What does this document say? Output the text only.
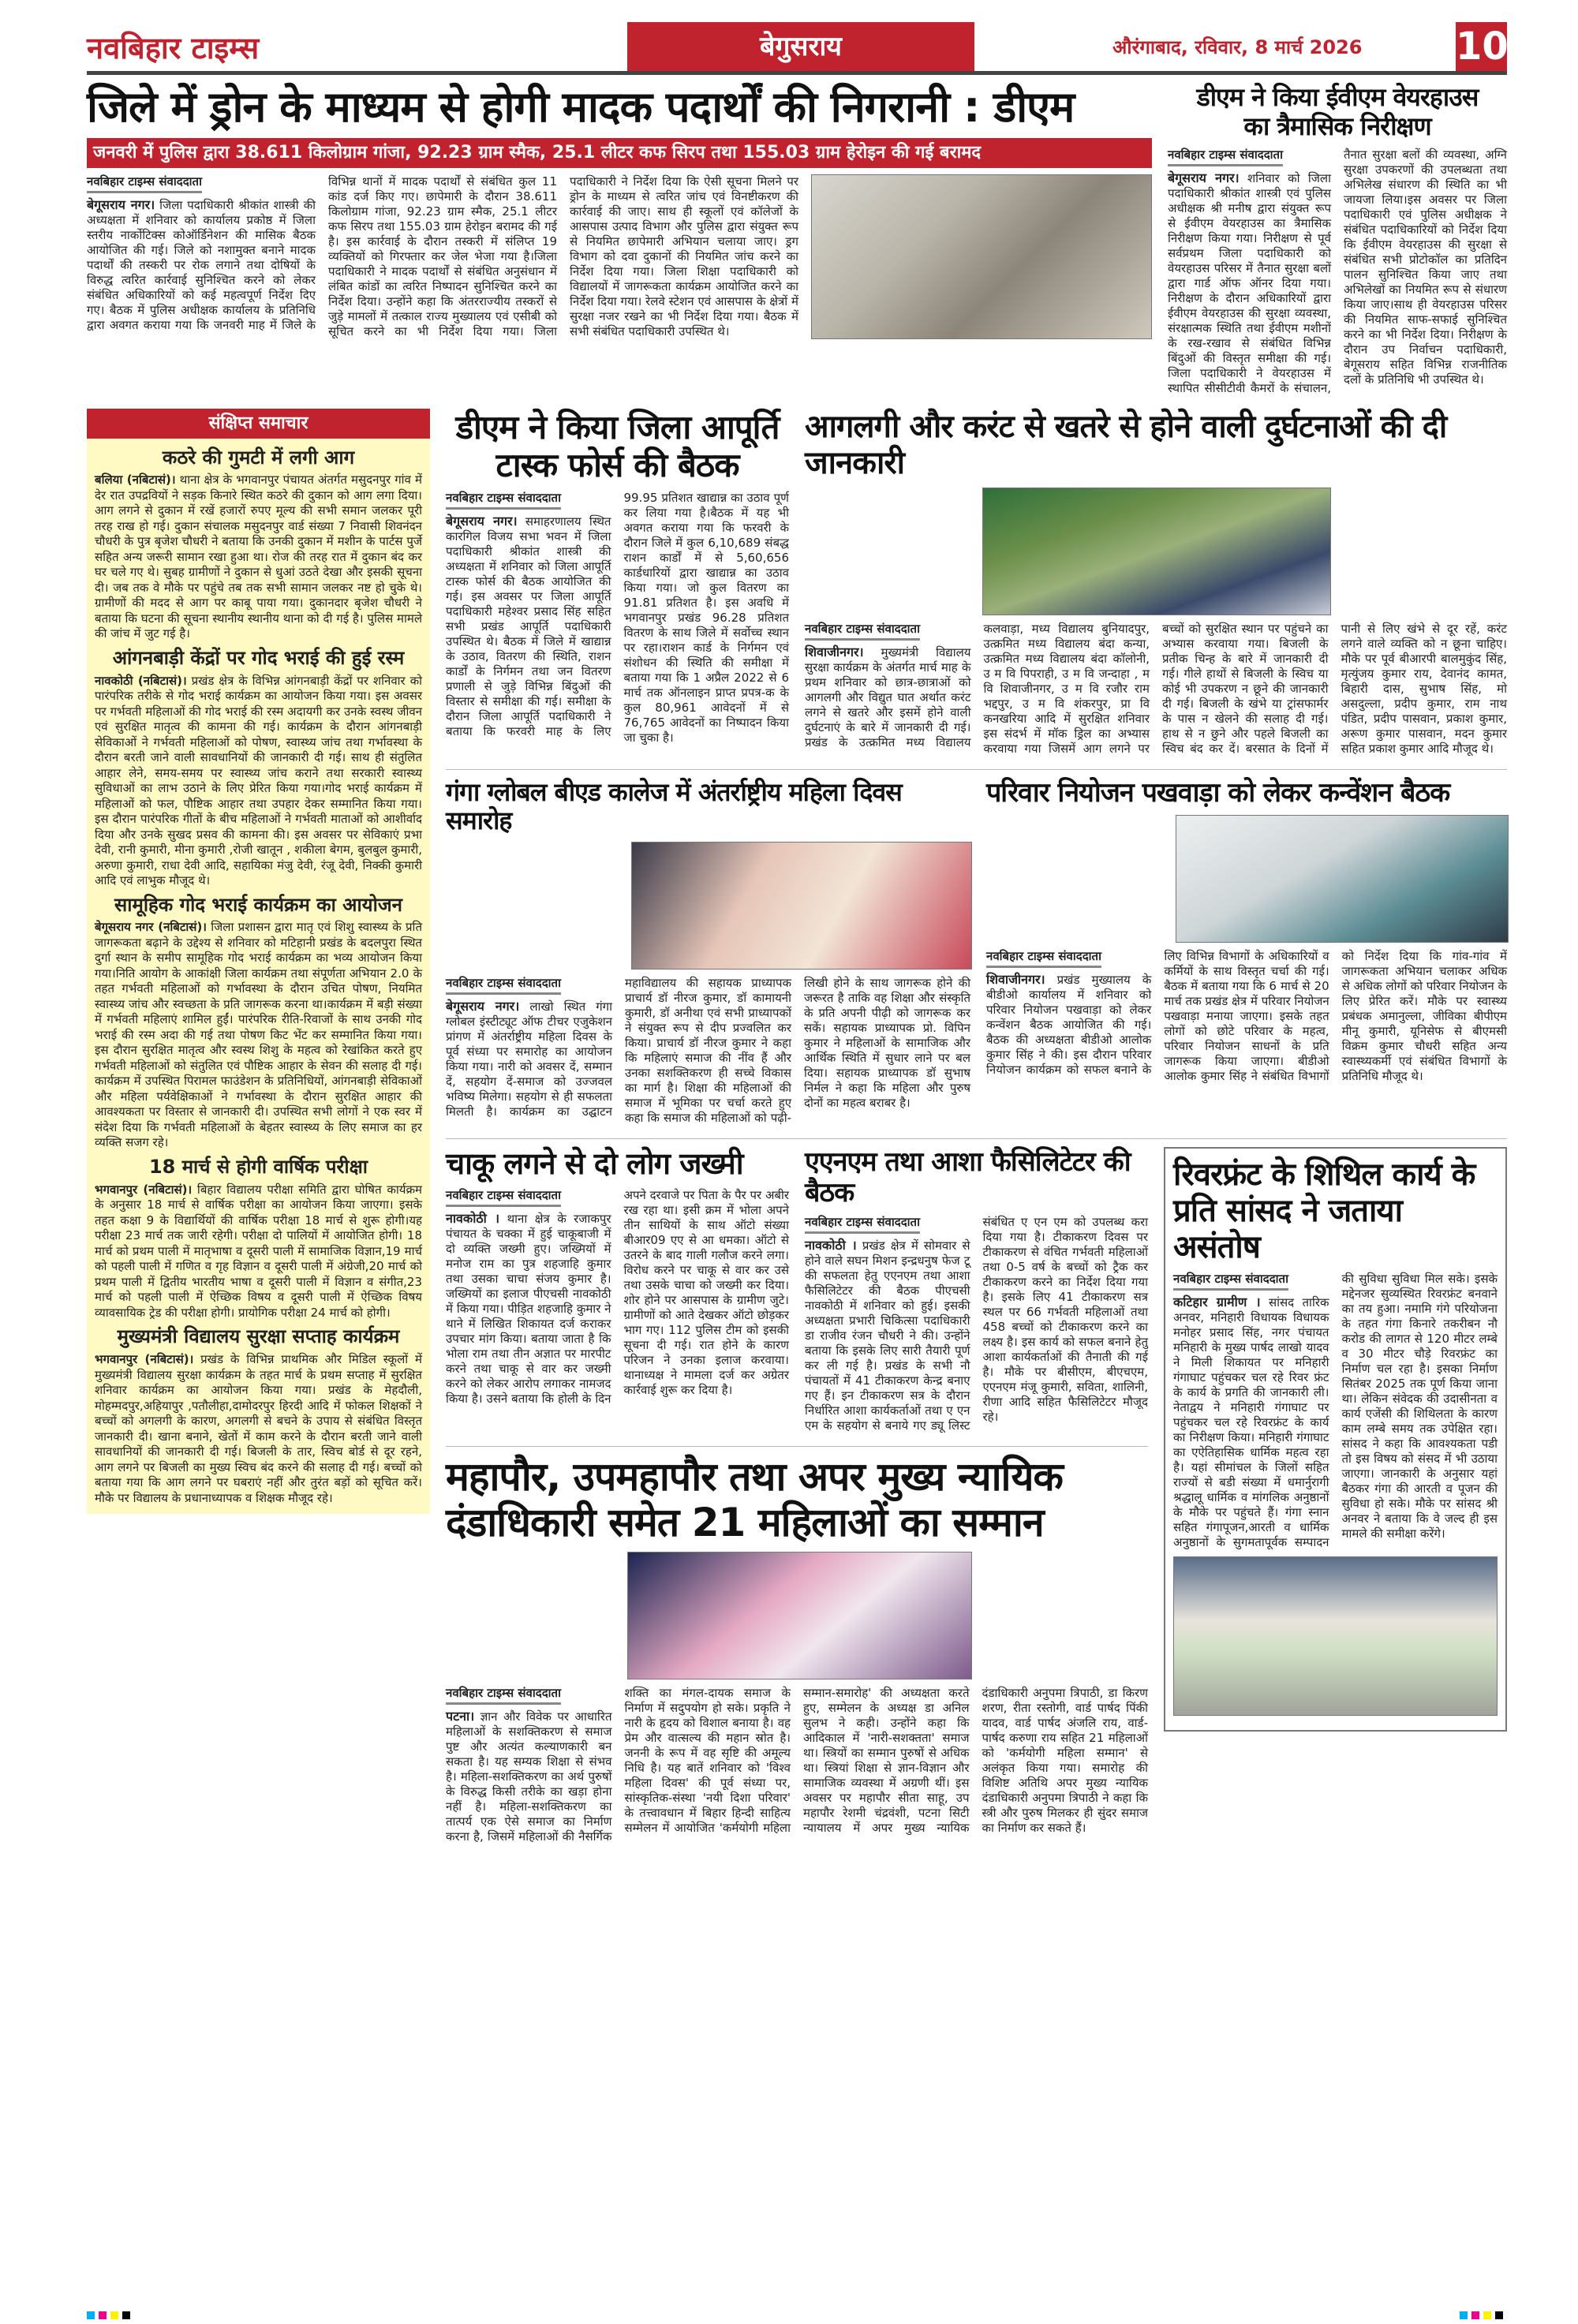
नवबिहार टाइम्स	बेगुसराय	औरंगाबाद, रविवार, 8 मार्च 2026 10
जिले में ड्रोन के माध्यम से होगी मादक पदार्थों की निगरानी : डीएम
जनवरी में पुलिस द्वारा 38.611 किलोग्राम गांजा, 92.23 ग्राम स्मैक, 25.1 लीटर कफ सिरप तथा 155.03 ग्राम हेरोइन की गई बरामद
नवबिहार टाइम्स संवाददाता
बेगूसराय नगर। जिला पदाधिकारी श्रीकांत शास्त्री की अध्यक्षता में शनिवार को कार्यालय प्रकोष्ठ में जिला स्तरीय नार्कोटिक्स कोऑर्डिनेशन की मासिक बैठक आयोजित की गई। जिले को नशामुक्त बनाने मादक पदार्थों की तस्करी पर रोक लगाने तथा दोषियों के विरुद्ध त्वरित कार्रवाई सुनिश्चित करने को लेकर संबंधित अधिकारियों को कई महत्वपूर्ण निर्देश दिए गए। बैठक में पुलिस अधीक्षक कार्यालय के प्रतिनिधि द्वारा अवगत कराया गया कि जनवरी माह में जिले के विभिन्न थानों में मादक पदार्थों से संबंधित कुल 11 कांड दर्ज किए गए। छापेमारी के दौरान 38.611 किलोग्राम गांजा, 92.23 ग्राम स्मैक, 25.1 लीटर कफ सिरप तथा 155.03 ग्राम हेरोइन बरामद की गई है। इस कार्रवाई के दौरान तस्करी में संलिप्त 19 व्यक्तियों को गिरफ्तार कर जेल भेजा गया है।जिला पदाधिकारी ने मादक पदार्थों से संबंधित अनुसंधान में लंबित कांडों का त्वरित निष्पादन सुनिश्चित करने का निर्देश दिया। उन्होंने कहा कि अंतरराज्यीय तस्करों से जुड़े मामलों में तत्काल राज्य मुख्यालय एवं एसीबी को सूचित करने का भी निर्देश दिया गया। जिला पदाधिकारी ने निर्देश दिया कि ऐसी सूचना मिलने पर ड्रोन के माध्यम से त्वरित जांच एवं विनष्टीकरण की कार्रवाई की जाए। साथ ही स्कूलों एवं कॉलेजों के आसपास उत्पाद विभाग और पुलिस द्वारा संयुक्त रूप से नियमित छापेमारी अभियान चलाया जाए। ड्रग विभाग को दवा दुकानों की नियमित जांच करने का निर्देश दिया गया। जिला शिक्षा पदाधिकारी को विद्यालयों में जागरूकता कार्यक्रम आयोजित करने का निर्देश दिया गया। रेलवे स्टेशन एवं आसपास के क्षेत्रों में सुरक्षा नजर रखने का भी निर्देश दिया गया। बैठक में सभी संबंधित पदाधिकारी उपस्थित थे।
डीएम ने किया ईवीएम वेयरहाउस
का त्रैमासिक निरीक्षण
नवबिहार टाइम्स संवाददाता
बेगूसराय नगर। शनिवार को जिला पदाधिकारी श्रीकांत शास्त्री एवं पुलिस अधीक्षक श्री मनीष द्वारा संयुक्त रूप से ईवीएम वेयरहाउस का त्रैमासिक निरीक्षण किया गया। निरीक्षण से पूर्व सर्वप्रथम जिला पदाधिकारी को वेयरहाउस परिसर में तैनात सुरक्षा बलों द्वारा गार्ड ऑफ ऑनर दिया गया। निरीक्षण के दौरान अधिकारियों द्वारा ईवीएम वेयरहाउस की सुरक्षा व्यवस्था, संरक्षात्मक स्थिति तथा ईवीएम मशीनों के रख-रखाव से संबंधित विभिन्न बिंदुओं की विस्तृत समीक्षा की गई।जिला पदाधिकारी ने वेयरहाउस में स्थापित सीसीटीवी कैमरों के संचालन, तैनात सुरक्षा बलों की व्यवस्था, अग्नि सुरक्षा उपकरणों की उपलब्धता तथा अभिलेख संधारण की स्थिति का भी जायजा लिया।इस अवसर पर जिला पदाधिकारी एवं पुलिस अधीक्षक ने संबंधित पदाधिकारियों को निर्देश दिया कि ईवीएम वेयरहाउस की सुरक्षा से संबंधित सभी प्रोटोकॉल का प्रतिदिन पालन सुनिश्चित किया जाए तथा अभिलेखों का नियमित रूप से संधारण किया जाए।साथ ही वेयरहाउस परिसर की नियमित साफ-सफाई सुनिश्चित करने का भी निर्देश दिया। निरीक्षण के दौरान उप निर्वाचन पदाधिकारी, बेगूसराय सहित विभिन्न राजनीतिक दलों के प्रतिनिधि भी उपस्थित थे।
संक्षिप्त समाचार
कठरे की गुमटी में लगी आग

बलिया (नबिटासं)। थाना क्षेत्र के भगवानपुर पंचायत अंतर्गत मसुदनपुर गांव में देर रात उपद्रवियों ने सड़क किनारे स्थित कठरे की दुकान को आग लगा दिया। आग लगने से दुकान में रखें हजारों रुपए मूल्य की सभी समान जलकर पूरी तरह राख हो गई। दुकान संचालक मसुदनपुर वार्ड संख्या 7 निवासी शिवनंदन चौधरी के पुत्र बृजेश चौधरी ने बताया कि उनकी दुकान में मशीन के पार्टस पुर्जे सहित अन्य जरूरी सामान रखा हुआ था। रोज की तरह रात में दुकान बंद कर घर चले गए थे। सुबह ग्रामीणों ने दुकान से धुआं उठते देखा और इसकी सूचना दी। जब तक वे मौके पर पहुंचे तब तक सभी सामान जलकर नष्ट हो चुके थे। ग्रामीणों की मदद से आग पर काबू पाया गया। दुकानदार बृजेश चौधरी ने बताया कि घटना की सूचना स्थानीय स्थानीय थाना को दी गई है। पुलिस मामले की जांच में जुट गई है।

आंगनबाड़ी केंद्रों पर गोद भराई की हुई रस्म

नावकोठी (नबिटासं)। प्रखंड क्षेत्र के विभिन्न आंगनबाड़ी केंद्रों पर शनिवार को पारंपरिक तरीके से गोद भराई कार्यक्रम का आयोजन किया गया। इस अवसर पर गर्भवती महिलाओं की गोद भराई की रस्म अदायगी कर उनके स्वस्थ जीवन एवं सुरक्षित मातृत्व की कामना की गई। कार्यक्रम के दौरान आंगनबाड़ी सेविकाओं ने गर्भवती महिलाओं को पोषण, स्वास्थ्य जांच तथा गर्भावस्था के दौरान बरती जाने वाली सावधानियों की जानकारी दी गई। साथ ही संतुलित आहार लेने, समय-समय पर स्वास्थ्य जांच कराने तथा सरकारी स्वास्थ्य सुविधाओं का लाभ उठाने के लिए प्रेरित किया गया।गोद भराई कार्यक्रम में महिलाओं को फल, पौष्टिक आहार तथा उपहार देकर सम्मानित किया गया। इस दौरान पारंपरिक गीतों के बीच महिलाओं ने गर्भवती माताओं को आशीर्वाद दिया और उनके सुखद प्रसव की कामना की। इस अवसर पर सेविकाएं प्रभा देवी, रानी कुमारी, मीना कुमारी ,रोजी खातून , शकीला बेगम, बुलबुल कुमारी, अरुणा कुमारी, राधा देवी आदि, सहायिका मंजु देवी, रंजू देवी, निक्की कुमारी आदि एवं लाभुक मौजूद थे।

सामूहिक गोद भराई कार्यक्रम का आयोजन

बेगूसराय नगर (नबिटासं)। जिला प्रशासन द्वारा मातृ एवं शिशु स्वास्थ्य के प्रति जागरूकता बढ़ाने के उद्देश्य से शनिवार को मटिहानी प्रखंड के बदलपुरा स्थित दुर्गा स्थान के समीप सामूहिक गोद भराई कार्यक्रम का भव्य आयोजन किया गया।निति आयोग के आकांक्षी जिला कार्यक्रम तथा संपूर्णता अभियान 2.0 के तहत गर्भवती महिलाओं को गर्भावस्था के दौरान उचित पोषण, नियमित स्वास्थ्य जांच और स्वच्छता के प्रति जागरूक करना था।कार्यक्रम में बड़ी संख्या में गर्भवती महिलाएं शामिल हुईं। पारंपरिक रीति-रिवाजों के साथ उनकी गोद भराई की रस्म अदा की गई तथा पोषण किट भेंट कर सम्मानित किया गया। इस दौरान सुरक्षित मातृत्व और स्वस्थ शिशु के महत्व को रेखांकित करते हुए गर्भवती महिलाओं को संतुलित एवं पौष्टिक आहार के सेवन की सलाह दी गई। कार्यक्रम में उपस्थित पिरामल फाउंडेशन के प्रतिनिधियों, आंगनबाड़ी सेविकाओं और महिला पर्यवेक्षिकाओं ने गर्भावस्था के दौरान सुरक्षित आहार की आवश्यकता पर विस्तार से जानकारी दी। उपस्थित सभी लोगों ने एक स्वर में संदेश दिया कि गर्भवती महिलाओं के बेहतर स्वास्थ्य के लिए समाज का हर व्यक्ति सजग रहे।

18 मार्च से होगी वार्षिक परीक्षा

भगवानपुर (नबिटासं)। बिहार विद्यालय परीक्षा समिति द्वारा घोषित कार्यक्रम के अनुसार 18 मार्च से वार्षिक परीक्षा का आयोजन किया जाएगा। इसके तहत कक्षा 9 के विद्यार्थियों की वार्षिक परीक्षा 18 मार्च से शुरू होगी।यह परीक्षा 23 मार्च तक जारी रहेगी। परीक्षा दो पालियों में आयोजित होगी। 18 मार्च को प्रथम पाली में मातृभाषा व दूसरी पाली में सामाजिक विज्ञान,19 मार्च को पहली पाली में गणित व गृह विज्ञान व दूसरी पाली में अंग्रेजी,20 मार्च को प्रथम पाली में द्वितीय भारतीय भाषा व दूसरी पाली में विज्ञान व संगीत,23 मार्च को पहली पाली में ऐच्छिक विषय व दूसरी पाली में ऐच्छिक विषय व्यावसायिक ट्रेड की परीक्षा होगी। प्रायोगिक परीक्षा 24 मार्च को होगी।

मुख्यमंत्री विद्यालय सुरक्षा सप्ताह कार्यक्रम

भगवानपुर (नबिटासं)। प्रखंड के विभिन्न प्राथमिक और मिडिल स्कूलों में मुख्यमंत्री विद्यालय सुरक्षा कार्यक्रम के तहत मार्च के प्रथम सप्ताह में सुरक्षित शनिवार कार्यक्रम का आयोजन किया गया। प्रखंड के मेहदौली, मोहम्मदपुर,अहियापुर ,पतौलीहा,दामोदरपुर हिरदी आदि में फोकल शिक्षकों ने बच्चों को अगलगी के कारण, अगलगी से बचने के उपाय से संबंधित विस्तृत जानकारी दी। खाना बनाने, खेतों में काम करने के दौरान बरती जाने वाली सावधानियों की जानकारी दी गई। बिजली के तार, स्विच बोर्ड से दूर रहने, आग लगने पर बिजली का मुख्य स्विच बंद करने की सलाह दी गई। बच्चों को बताया गया कि आग लगने पर घबराएं नहीं और तुरंत बड़ों को सूचित करें। मौके पर विद्यालय के प्रधानाध्यापक व शिक्षक मौजूद रहे।

डीएम ने किया जिला आपूर्ति टास्क फोर्स की बैठक
नवबिहार टाइम्स संवाददाता
बेगूसराय नगर। समाहरणालय स्थित कारगिल विजय सभा भवन में जिला पदाधिकारी श्रीकांत शास्त्री की अध्यक्षता में शनिवार को जिला आपूर्ति टास्क फोर्स की बैठक आयोजित की गई। इस अवसर पर जिला आपूर्ति पदाधिकारी महेश्वर प्रसाद सिंह सहित सभी प्रखंड आपूर्ति पदाधिकारी उपस्थित थे। बैठक में जिले में खाद्यान्न के उठाव, वितरण की स्थिति, राशन कार्डों के निर्गमन तथा जन वितरण प्रणाली से जुड़े विभिन्न बिंदुओं की विस्तार से समीक्षा की गई। समीक्षा के दौरान जिला आपूर्ति पदाधिकारी ने बताया कि फरवरी माह के लिए 99.95 प्रतिशत खाद्यान्न का उठाव पूर्ण कर लिया गया है।बैठक में यह भी अवगत कराया गया कि फरवरी के दौरान जिले में कुल 6,10,689 संबद्ध राशन कार्डों में से 5,60,656 कार्डधारियों द्वारा खाद्यान्न का उठाव किया गया। जो कुल वितरण का 91.81 प्रतिशत है। इस अवधि में भगवानपुर प्रखंड 96.28 प्रतिशत वितरण के साथ जिले में सर्वोच्च स्थान पर रहा।राशन कार्ड के निर्गमन एवं संशोधन की स्थिति की समीक्षा में बताया गया कि 1 अप्रैल 2022 से 6 मार्च तक ऑनलाइन प्राप्त प्रपत्र-क के कुल 80,961 आवेदनों में से 76,765 आवेदनों का निष्पादन किया जा चुका है।
आगलगी और करंट से खतरे से होने वाली दुर्घटनाओं की दी जानकारी
नवबिहार टाइम्स संवाददाता
शिवाजीनगर। मुख्यमंत्री विद्यालय सुरक्षा कार्यक्रम के अंतर्गत मार्च माह के प्रथम शनिवार को छात्र-छात्राओं को आगलगी और विद्युत घात अर्थात करंट लगने से खतरे और इसमें होने वाली दुर्घटनाएं के बारे में जानकारी दी गई। प्रखंड के उत्क्रमित मध्य विद्यालय कलवाड़ा, मध्य विद्यालय बुनियादपुर, उत्क्रमित मध्य विद्यालय बंदा कन्या, उत्क्रमित मध्य विद्यालय बंदा कॉलोनी, उ म वि पिपराही, उ म वि जन्दाहा , म वि शिवाजीनगर, उ म वि रजौर राम भद्दपुर, उ म वि शंकरपुर, प्रा वि कनखरिया आदि में सुरक्षित शनिवार इस संदर्भ में मॉक ड्रिल का अभ्यास करवाया गया जिसमें आग लगने पर बच्चों को सुरक्षित स्थान पर पहुंचने का अभ्यास करवाया गया। बिजली के प्रतीक चिन्ह के बारे में जानकारी दी गई। गीले हाथों से बिजली के स्विच या कोई भी उपकरण न छूने की जानकारी दी गई। बिजली के खंभे या ट्रांसफार्मर के पास न खेलने की सलाह दी गई। हाथ से न छुने और पहले बिजली का स्विच बंद कर दें। बरसात के दिनों में पानी से लिए खंभे से दूर रहें, करंट लगने वाले व्यक्ति को न छूना चाहिए। मौके पर पूर्व बीआरपी बालमुकुंद सिंह, मृत्युंजय कुमार राय, देवानंद कामत, बिहारी दास, सुभाष सिंह, मो असदुल्ला, प्रदीप कुमार, राम नाथ पंडित, प्रदीप पासवान, प्रकाश कुमार, अरूण कुमार पासवान, मदन कुमार सहित प्रकाश कुमार आदि मौजूद थे।
गंगा ग्लोबल बीएड कालेज में अंतर्राष्ट्रीय महिला दिवस समारोह
नवबिहार टाइम्स संवाददाता
बेगूसराय नगर। लाखो स्थित गंगा ग्लोबल इंस्टीट्यूट ऑफ टीचर एजुकेशन प्रांगण में अंतर्राष्ट्रीय महिला दिवस के पूर्व संध्या पर समारोह का आयोजन किया गया। नारी को अवसर दें, सम्मान दें, सहयोग दें-समाज को उज्जवल भविष्य मिलेगा। सहयोग से ही सफलता मिलती है। कार्यक्रम का उद्घाटन महाविद्यालय की सहायक प्राध्यापक प्राचार्य डॉ नीरज कुमार, डॉ कामायनी कुमारी, डॉ अनीथा एवं सभी प्राध्यापकों ने संयुक्त रूप से दीप प्रज्वलित कर किया। प्राचार्य डॉ नीरज कुमार ने कहा कि महिलाएं समाज की नींव हैं और उनका सशक्तिकरण ही सच्चे विकास का मार्ग है। शिक्षा की महिलाओं की समाज में भूमिका पर चर्चा करते हुए कहा कि समाज की महिलाओं को पढ़ी-लिखी होने के साथ जागरूक होने की जरूरत है ताकि वह शिक्षा और संस्कृति के प्रति अपनी पीढ़ी को जागरूक कर सकें। सहायक प्राध्यापक प्रो. विपिन कुमार ने महिलाओं के सामाजिक और आर्थिक स्थिति में सुधार लाने पर बल दिया। सहायक प्राध्यापक डॉ सुभाष निर्मल ने कहा कि महिला और पुरुष दोनों का महत्व बराबर है।
परिवार नियोजन पखवाड़ा को लेकर कन्वेंशन बैठक
नवबिहार टाइम्स संवाददाता
शिवाजीनगर। प्रखंड मुख्यालय के बीडीओ कार्यालय में शनिवार को परिवार नियोजन पखवाड़ा को लेकर कन्वेंशन बैठक आयोजित की गई। बैठक की अध्यक्षता बीडीओ आलोक कुमार सिंह ने की। इस दौरान परिवार नियोजन कार्यक्रम को सफल बनाने के लिए विभिन्न विभागों के अधिकारियों व कर्मियों के साथ विस्तृत चर्चा की गई। बैठक में बताया गया कि 6 मार्च से 20 मार्च तक प्रखंड क्षेत्र में परिवार नियोजन पखवाड़ा मनाया जाएगा। इसके तहत लोगों को छोटे परिवार के महत्व, परिवार नियोजन साधनों के प्रति जागरूक किया जाएगा। बीडीओ आलोक कुमार सिंह ने संबंधित विभागों को निर्देश दिया कि गांव-गांव में जागरूकता अभियान चलाकर अधिक से अधिक लोगों को परिवार नियोजन के लिए प्रेरित करें। मौके पर स्वास्थ्य प्रबंधक अमानुल्ला, जीविका बीपीएम मीनू कुमारी, यूनिसेफ से बीएमसी विक्रम कुमार चौधरी सहित अन्य स्वास्थ्यकर्मी एवं संबंधित विभागों के प्रतिनिधि मौजूद थे।
चाकू लगने से दो लोग जख्मी
नवबिहार टाइम्स संवाददाता
नावकोठी । थाना क्षेत्र के रजाकपुर पंचायत के चक्का में हुई चाकूबाजी में दो व्यक्ति जख्मी हुए। जख्मियों में मनोज राम का पुत्र शहजाहि कुमार तथा उसका चाचा संजय कुमार है। जख्मियों का इलाज पीएचसी नावकोठी में किया गया। पीड़ित शहजाहि कुमार ने थाने में लिखित शिकायत दर्ज कराकर उपचार मांग किया। बताया जाता है कि भोला राम तथा तीन अज्ञात पर मारपीट करने तथा चाकू से वार कर जख्मी करने को लेकर आरोप लगाकर नामजद किया है। उसने बताया कि होली के दिन अपने दरवाजे पर पिता के पैर पर अबीर रख रहा था। इसी क्रम में भोला अपने तीन साथियों के साथ ऑटो संख्या बीआर09 एए से आ धमका। ऑटो से उतरने के बाद गाली गलौज करने लगा। विरोध करने पर चाकू से वार कर उसे तथा उसके चाचा को जख्मी कर दिया। शोर होने पर आसपास के ग्रामीण जुटे। ग्रामीणों को आते देखकर ऑटो छोड़कर भाग गए। 112 पुलिस टीम को इसकी सूचना दी गई। रात होने के कारण परिजन ने उनका इलाज करवाया। थानाध्यक्ष ने मामला दर्ज कर अग्रेतर कार्रवाई शुरू कर दिया है।
एएनएम तथा आशा फैसिलिटेटर की बैठक
नवबिहार टाइम्स संवाददाता
नावकोठी । प्रखंड क्षेत्र में सोमवार से होने वाले सघन मिशन इन्द्रधनुष फेज टू की सफलता हेतु एएनएम तथा आशा फैसिलिटेटर की बैठक पीएचसी नावकोठी में शनिवार को हुई। इसकी अध्यक्षता प्रभारी चिकित्सा पदाधिकारी डा राजीव रंजन चौधरी ने की। उन्होंने बताया कि इसके लिए सारी तैयारी पूर्ण कर ली गई है। प्रखंड के सभी नौ पंचायतों में 41 टीकाकरण केन्द्र बनाए गए हैं। इन टीकाकरण सत्र के दौरान निर्धारित आशा कार्यकर्ताओं तथा ए एन एम के सहयोग से बनाये गए ड्यू लिस्ट संबंधित ए एन एम को उपलब्ध करा दिया गया है। टीकाकरण दिवस पर टीकाकरण से वंचित गर्भवती महिलाओं तथा 0-5 वर्ष के बच्चों को ट्रैक कर टीकाकरण करने का निर्देश दिया गया है। इसके लिए 41 टीकाकरण सत्र स्थल पर 66 गर्भवती महिलाओं तथा 458 बच्चों को टीकाकरण करने का लक्ष्य है। इस कार्य को सफल बनाने हेतु आशा कार्यकर्ताओं की तैनाती की गई है। मौके पर बीसीएम, बीएचएम, एएनएम मंजू कुमारी, सविता, शालिनी, रीणा आदि सहित फैसिलिटेटर मौजूद रहे।
महापौर, उपमहापौर तथा अपर मुख्य न्यायिक दंडाधिकारी समेत 21 महिलाओं का सम्मान
नवबिहार टाइम्स संवाददाता
पटना। ज्ञान और विवेक पर आधारित महिलाओं के सशक्तिकरण से समाज पुष्ट और अत्यंत कल्याणकारी बन सकता है। यह सम्यक शिक्षा से संभव है। महिला-सशक्तिकरण का अर्थ पुरुषों के विरुद्ध किसी तरीके का खड़ा होना नहीं है। महिला-सशक्तिकरण का तात्पर्य एक ऐसे समाज का निर्माण करना है, जिसमें महिलाओं की नैसर्गिक शक्ति का मंगल-दायक समाज के निर्माण में सदुपयोग हो सके। प्रकृति ने नारी के हृदय को विशाल बनाया है। वह प्रेम और वात्सल्य की महान स्रोत है। जननी के रूप में वह सृष्टि की अमूल्य निधि है। यह बातें शनिवार को 'विश्व महिला दिवस' की पूर्व संध्या पर, सांस्कृतिक-संस्था 'नयी दिशा परिवार' के तत्त्वावधान में बिहार हिन्दी साहित्य सम्मेलन में आयोजित 'कर्मयोगी महिला सम्मान-समारोह' की अध्यक्षता करते हुए, सम्मेलन के अध्यक्ष डा अनिल सुलभ ने कही। उन्होंने कहा कि आदिकाल में 'नारी-सशक्तता' समाज था। स्त्रियों का सम्मान पुरुषों से अधिक था। स्त्रियां शिक्षा से ज्ञान-विज्ञान और सामाजिक व्यवस्था में अग्रणी थीं। इस अवसर पर महापौर सीता साहू, उप महापौर रेशमी चंद्रवंशी, पटना सिटी न्यायालय में अपर मुख्य न्यायिक दंडाधिकारी अनुपमा त्रिपाठी, डा किरण शरण, रीता रस्तोगी, वार्ड पार्षद पिंकी यादव, वार्ड पार्षद अंजलि राय, वार्ड-पार्षद करुणा राय सहित 21 महिलाओं को 'कर्मयोगी महिला सम्मान' से अलंकृत किया गया। समारोह की विशिष्ट अतिथि अपर मुख्य न्यायिक दंडाधिकारी अनुपमा त्रिपाठी ने कहा कि स्त्री और पुरुष मिलकर ही सुंदर समाज का निर्माण कर सकते हैं।
रिवरफ्रंट के शिथिल कार्य के प्रति सांसद ने जताया असंतोष
नवबिहार टाइम्स संवाददाता
कटिहार ग्रामीण । सांसद तारिक अनवर, मनिहारी विधायक विधायक मनोहर प्रसाद सिंह, नगर पंचायत मनिहारी के मुख्य पार्षद लाखो यादव ने मिली शिकायत पर मनिहारी गंगाघाट पहुंचकर चल रहे रिवर फ्रंट के कार्य के प्रगति की जानकारी ली। नेताद्वय ने मनिहारी गंगाघाट पर पहुंचकर चल रहे रिवरफ्रंट के कार्य का निरीक्षण किया। मनिहारी गंगाघाट का एऐतिहासिक धार्मिक महत्व रहा है। यहां सीमांचल के जिलों सहित राज्यों से बडी संख्या में धमार्नुरागी श्रद्धालू धार्मिक व मांगलिक अनुष्ठानों के मौके पर पहुंचते हैं। गंगा स्नान सहित गंगापूजन,आरती व धार्मिक अनुष्ठानों के सुगमतापूर्वक सम्पादन की सुविधा सुविधा मिल सके। इसके मद्देनजर सुव्यस्थित रिवरफ्रंट बनवाने का तय हुआ। नमामि गंगे परियोजना के तहत गंगा किनारे तकरीबन नौ करोड की लागत से 120 मीटर लम्बे व 30 मीटर चौड़े रिवरफ्रंट का निर्माण चल रहा है। इसका निर्माण सितंबर 2025 तक पूर्ण किया जाना था। लेकिन संवेदक की उदासीनता व कार्य एजेंसी की शिथिलता के कारण काम लम्बे समय तक उपेक्षित रहा। सांसद ने कहा कि आवश्यकता पडी तो इस विषय को संसद में भी उठाया जाएगा। जानकारी के अनुसार यहां बैठकर गंगा की आरती व पूजन की सुविधा हो सके। मौके पर सांसद श्री अनवर ने बताया कि वे जल्द ही इस मामले की समीक्षा करेंगे।
